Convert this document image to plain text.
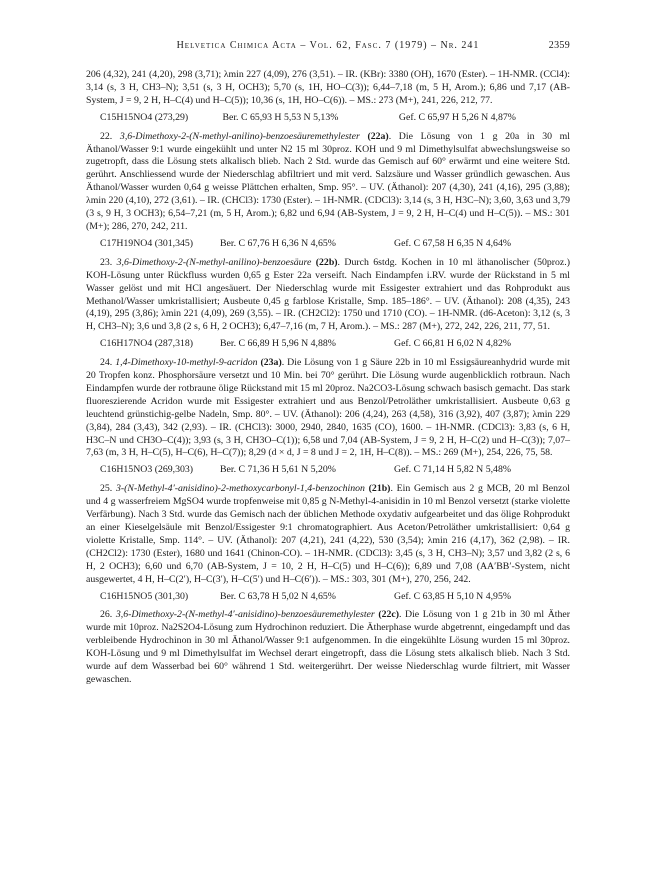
Helvetica Chimica Acta – Vol. 62, Fasc. 7 (1979) – Nr. 241	2359

206 (4,32), 241 (4,20), 298 (3,71); λmin 227 (4,09), 276 (3,51). – IR. (KBr): 3380 (OH), 1670 (Ester). – 1H-NMR. (CCl4): 3,14 (s, 3 H, CH3–N); 3,51 (s, 3 H, OCH3); 5,70 (s, 1H, HO–C(3)); 6,44–7,18 (m, 5 H, Arom.); 6,86 und 7,17 (AB-System, J = 9, 2 H, H–C(4) und H–C(5)); 10,36 (s, 1H, HO–C(6)). – MS.: 273 (M+), 241, 226, 212, 77.

C15H15NO4 (273,29)	Ber. C 65,93 H 5,53 N 5,13%	Gef. C 65,97 H 5,26 N 4,87%

22. 3,6-Dimethoxy-2-(N-methyl-anilino)-benzoesäuremethylester (22a). Die Lösung von 1 g 20a in 30 ml Äthanol/Wasser 9:1 wurde eingekühlt und unter N2 15 ml 30proz. KOH und 9 ml Dimethylsulfat abwechslungsweise so zugetropft, dass die Lösung stets alkalisch blieb. Nach 2 Std. wurde das Gemisch auf 60° erwärmt und eine weitere Std. gerührt. Anschliessend wurde der Niederschlag abfiltriert und mit verd. Salzsäure und Wasser gründlich gewaschen. Aus Äthanol/Wasser wurden 0,64 g weisse Plättchen erhalten, Smp. 95°. – UV. (Äthanol): 207 (4,30), 241 (4,16), 295 (3,88); λmin 220 (4,10), 272 (3,61). – IR. (CHCl3): 1730 (Ester). – 1H-NMR. (CDCl3): 3,14 (s, 3 H, H3C–N); 3,60, 3,63 und 3,79 (3 s, 9 H, 3 OCH3); 6,54–7,21 (m, 5 H, Arom.); 6,82 und 6,94 (AB-System, J = 9, 2 H, H–C(4) und H–C(5)). – MS.: 301 (M+); 286, 270, 242, 211.

C17H19NO4 (301,345)	Ber. C 67,76 H 6,36 N 4,65%	Gef. C 67,58 H 6,35 N 4,64%

23. 3,6-Dimethoxy-2-(N-methyl-anilino)-benzoesäure (22b). Durch 6stdg. Kochen in 10 ml äthanolischer (50proz.) KOH-Lösung unter Rückfluss wurden 0,65 g Ester 22a verseift. Nach Eindampfen i.RV. wurde der Rückstand in 5 ml Wasser gelöst und mit HCl angesäuert. Der Niederschlag wurde mit Essigester extrahiert und das Rohprodukt aus Methanol/Wasser umkristallisiert; Ausbeute 0,45 g farblose Kristalle, Smp. 185–186°. – UV. (Äthanol): 208 (4,35), 243 (4,19), 295 (3,86); λmin 221 (4,09), 269 (3,55). – IR. (CH2Cl2): 1750 und 1710 (CO). – 1H-NMR. (d6-Aceton): 3,12 (s, 3 H, CH3–N); 3,6 und 3,8 (2 s, 6 H, 2 OCH3); 6,47–7,16 (m, 7 H, Arom.). – MS.: 287 (M+), 272, 242, 226, 211, 77, 51.

C16H17NO4 (287,318)	Ber. C 66,89 H 5,96 N 4,88%	Gef. C 66,81 H 6,02 N 4,82%

24. 1,4-Dimethoxy-10-methyl-9-acridon (23a). Die Lösung von 1 g Säure 22b in 10 ml Essigsäureanhydrid wurde mit 20 Tropfen konz. Phosphorsäure versetzt und 10 Min. bei 70° gerührt. Die Lösung wurde augenblicklich rotbraun. Nach Eindampfen wurde der rotbraune ölige Rückstand mit 15 ml 20proz. Na2CO3-Lösung schwach basisch gemacht. Das stark fluoreszierende Acridon wurde mit Essigester extrahiert und aus Benzol/Petroläther umkristallisiert. Ausbeute 0,63 g leuchtend grünstichig-gelbe Nadeln, Smp. 80°. – UV. (Äthanol): 206 (4,24), 263 (4,58), 316 (3,92), 407 (3,87); λmin 229 (3,84), 284 (3,43), 342 (2,93). – IR. (CHCl3): 3000, 2940, 2840, 1635 (CO), 1600. – 1H-NMR. (CDCl3): 3,83 (s, 6 H, H3C–N und CH3O–C(4)); 3,93 (s, 3 H, CH3O–C(1)); 6,58 und 7,04 (AB-System, J = 9, 2 H, H–C(2) und H–C(3)); 7,07–7,63 (m, 3 H, H–C(5), H–C(6), H–C(7)); 8,29 (d × d, J = 8 und J = 2, 1H, H–C(8)). – MS.: 269 (M+), 254, 226, 75, 58.

C16H15NO3 (269,303)	Ber. C 71,36 H 5,61 N 5,20%	Gef. C 71,14 H 5,82 N 5,48%

25. 3-(N-Methyl-4′-anisidino)-2-methoxycarbonyl-1,4-benzochinon (21b). Ein Gemisch aus 2 g MCB, 20 ml Benzol und 4 g wasserfreiem MgSO4 wurde tropfenweise mit 0,85 g N-Methyl-4-anisidin in 10 ml Benzol versetzt (starke violette Verfärbung). Nach 3 Std. wurde das Gemisch nach der üblichen Methode oxydativ aufgearbeitet und das ölige Rohprodukt an einer Kieselgelsäule mit Benzol/Essigester 9:1 chromatographiert. Aus Aceton/Petroläther umkristallisiert: 0,64 g violette Kristalle, Smp. 114°. – UV. (Äthanol): 207 (4,21), 241 (4,22), 530 (3,54); λmin 216 (4,17), 362 (2,98). – IR. (CH2Cl2): 1730 (Ester), 1680 und 1641 (Chinon-CO). – 1H-NMR. (CDCl3): 3,45 (s, 3 H, CH3–N); 3,57 und 3,82 (2 s, 6 H, 2 OCH3); 6,60 und 6,70 (AB-System, J = 10, 2 H, H–C(5) und H–C(6)); 6,89 und 7,08 (AA′BB′-System, nicht ausgewertet, 4 H, H–C(2′), H–C(3′), H–C(5′) und H–C(6′)). – MS.: 303, 301 (M+), 270, 256, 242.

C16H15NO5 (301,30)	Ber. C 63,78 H 5,02 N 4,65%	Gef. C 63,85 H 5,10 N 4,95%

26. 3,6-Dimethoxy-2-(N-methyl-4′-anisidino)-benzoesäuremethylester (22c). Die Lösung von 1 g 21b in 30 ml Äther wurde mit 10proz. Na2S2O4-Lösung zum Hydrochinon reduziert. Die Ätherphase wurde abgetrennt, eingedampft und das verbleibende Hydrochinon in 30 ml Äthanol/Wasser 9:1 aufgenommen. In die eingekühlte Lösung wurden 15 ml 30proz. KOH-Lösung und 9 ml Dimethylsulfat im Wechsel derart eingetropft, dass die Lösung stets alkalisch blieb. Nach 3 Std. wurde auf dem Wasserbad bei 60° während 1 Std. weitergerührt. Der weisse Niederschlag wurde filtriert, mit Wasser gewaschen.
